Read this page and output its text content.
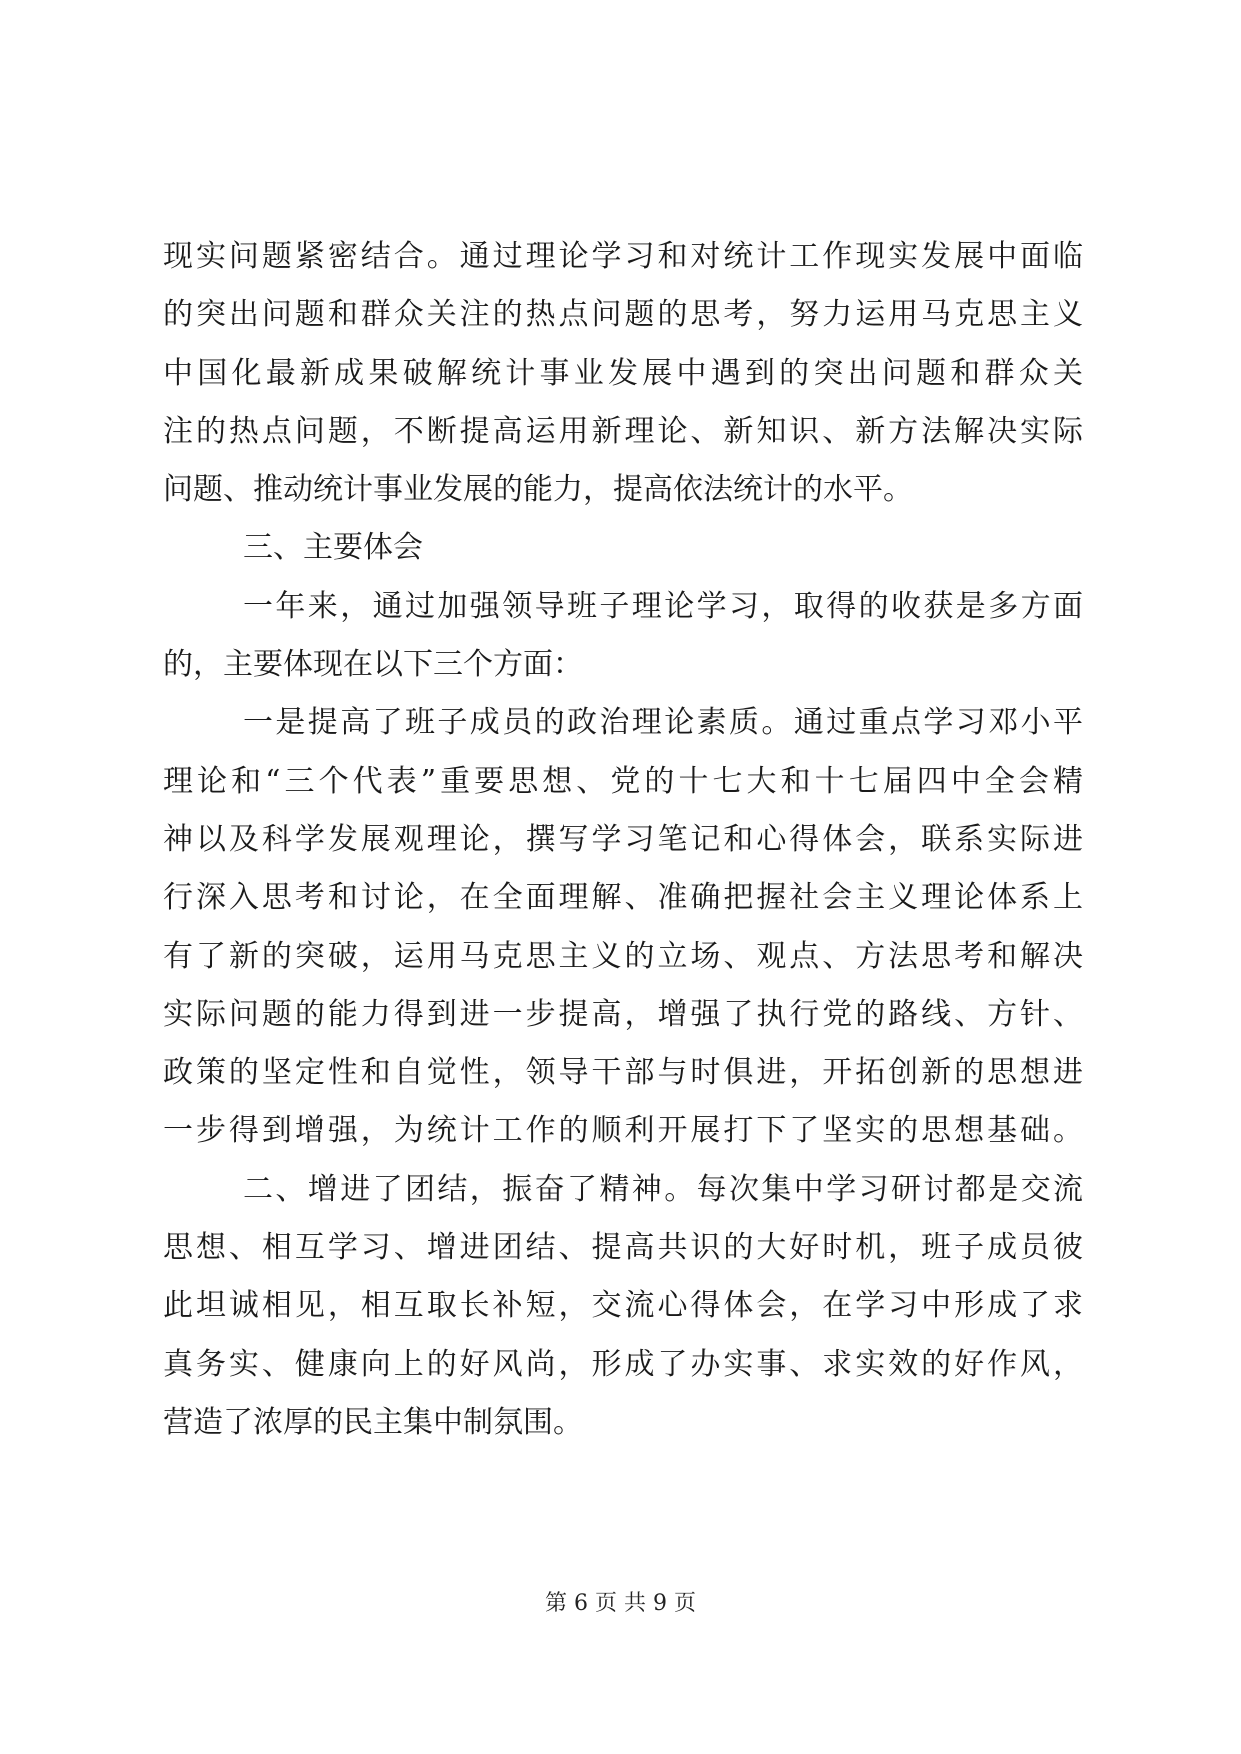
现实问题紧密结合。通过理论学习和对统计工作现实发展中面临
的突出问题和群众关注的热点问题的思考，努力运用马克思主义
中国化最新成果破解统计事业发展中遇到的突出问题和群众关
注的热点问题，不断提高运用新理论、新知识、新方法解决实际
问题、推动统计事业发展的能力，提高依法统计的水平。
三、主要体会
一年来，通过加强领导班子理论学习，取得的收获是多方面
的，主要体现在以下三个方面：
一是提高了班子成员的政治理论素质。通过重点学习邓小平
理论和“三个代表”重要思想、党的十七大和十七届四中全会精
神以及科学发展观理论，撰写学习笔记和心得体会，联系实际进
行深入思考和讨论，在全面理解、准确把握社会主义理论体系上
有了新的突破，运用马克思主义的立场、观点、方法思考和解决
实际问题的能力得到进一步提高，增强了执行党的路线、方针、
政策的坚定性和自觉性，领导干部与时俱进，开拓创新的思想进
一步得到增强，为统计工作的顺利开展打下了坚实的思想基础。
二、增进了团结，振奋了精神。每次集中学习研讨都是交流
思想、相互学习、增进团结、提高共识的大好时机，班子成员彼
此坦诚相见，相互取长补短，交流心得体会，在学习中形成了求
真务实、健康向上的好风尚，形成了办实事、求实效的好作风，
营造了浓厚的民主集中制氛围。
第 6 页 共 9 页
